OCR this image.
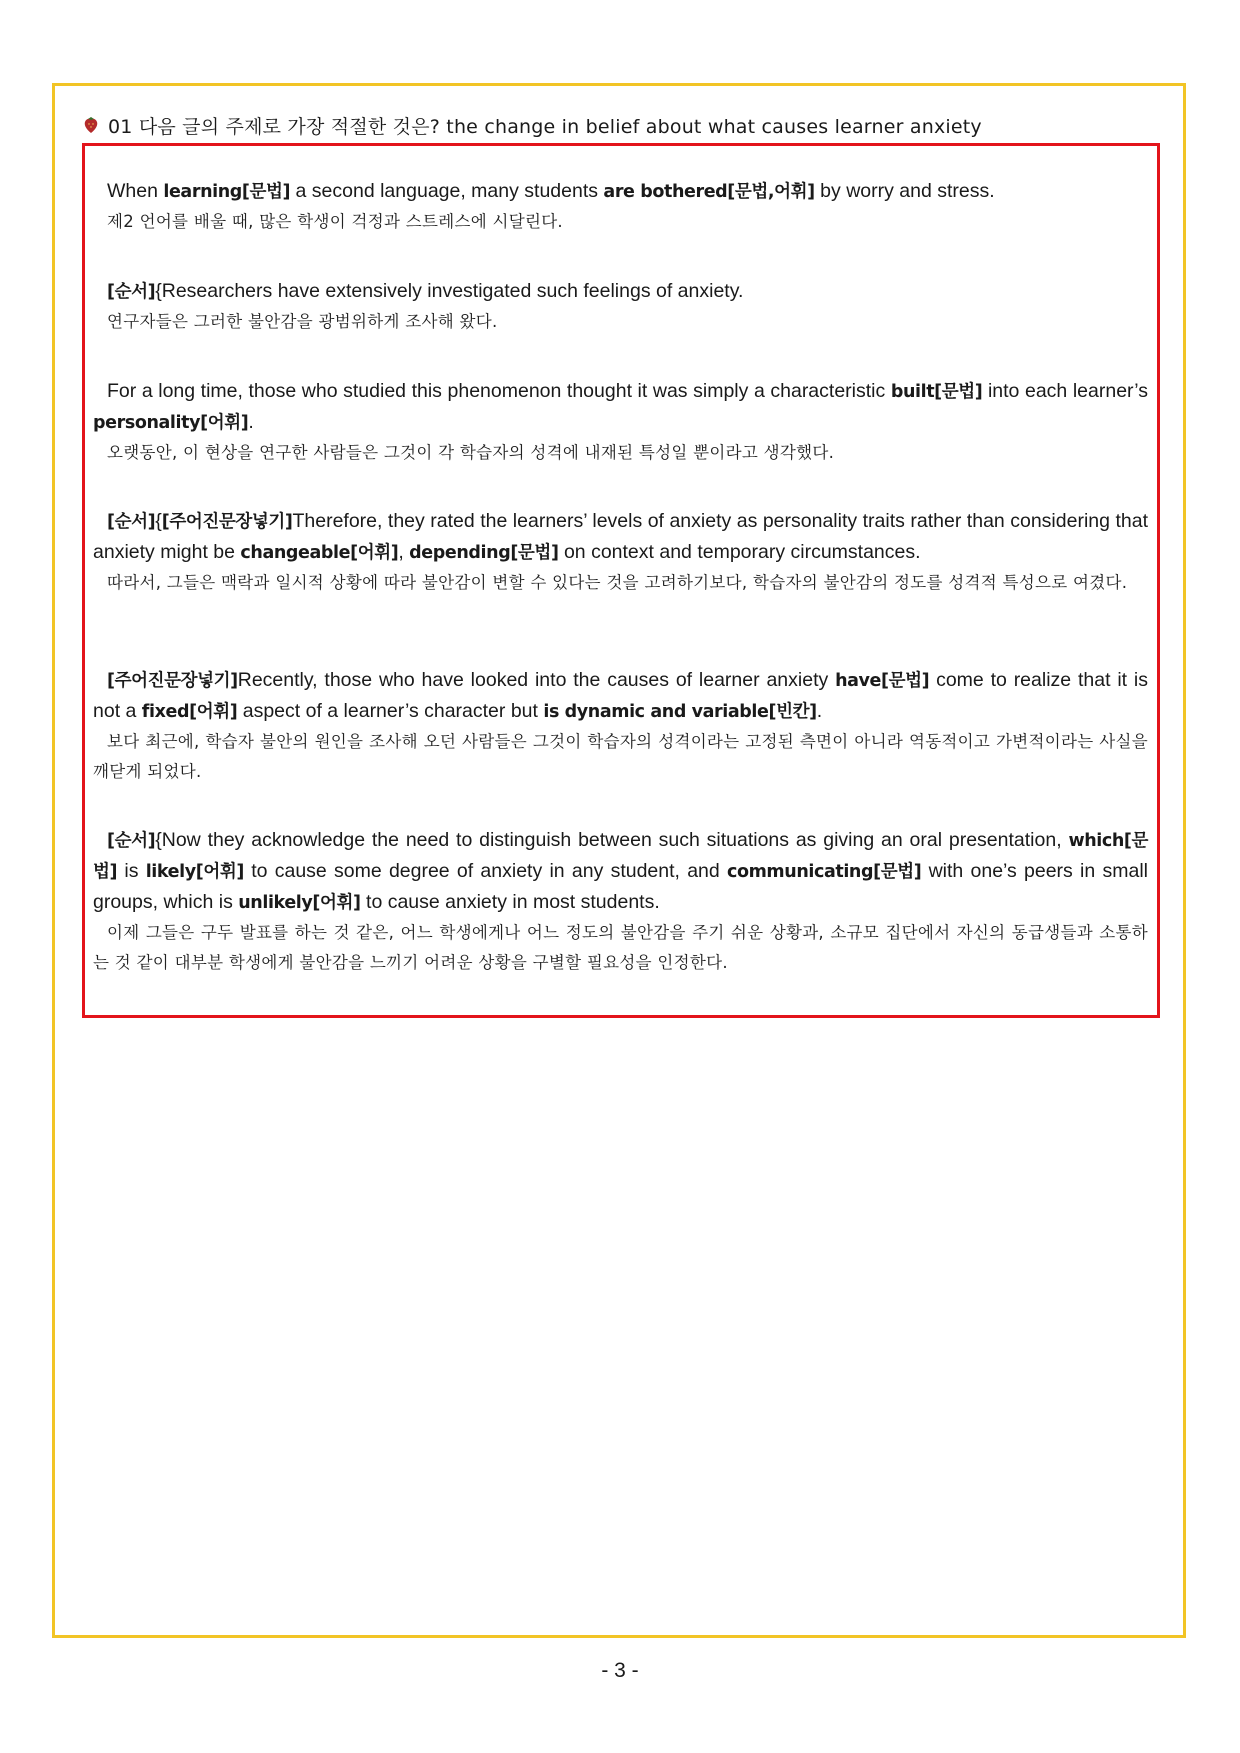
01 다음 글의 주제로 가장 적절한 것은? the change in belief about what causes learner anxiety

When learning[문법] a second language, many students are bothered[문법,어휘] by worry and stress.

제2 언어를 배울 때, 많은 학생이 걱정과 스트레스에 시달린다.

[순서]{Researchers have extensively investigated such feelings of anxiety.

연구자들은 그러한 불안감을 광범위하게 조사해 왔다.

For a long time, those who studied this phenomenon thought it was simply a characteristic built[문법] into each learner’s personality[어휘].

오랫동안, 이 현상을 연구한 사람들은 그것이 각 학습자의 성격에 내재된 특성일 뿐이라고 생각했다.

[순서]{[주어진문장넣기]Therefore, they rated the learners’ levels of anxiety as personality traits rather than considering that anxiety might be changeable[어휘], depending[문법] on context and temporary circumstances.

따라서, 그들은 맥락과 일시적 상황에 따라 불안감이 변할 수 있다는 것을 고려하기보다, 학습자의 불안감의 정도를 성격적 특성으로 여겼다.

[주어진문장넣기]Recently, those who have looked into the causes of learner anxiety have[문법] come to realize that it is not a fixed[어휘] aspect of a learner’s character but is dynamic and variable[빈칸].

보다 최근에, 학습자 불안의 원인을 조사해 오던 사람들은 그것이 학습자의 성격이라는 고정된 측면이 아니라 역동적이고 가변적이라는 사실을 깨닫게 되었다.

[순서]{Now they acknowledge the need to distinguish between such situations as giving an oral presentation, which[문법] is likely[어휘] to cause some degree of anxiety in any student, and communicating[문법] with one’s peers in small groups, which is unlikely[어휘] to cause anxiety in most students.

이제 그들은 구두 발표를 하는 것 같은, 어느 학생에게나 어느 정도의 불안감을 주기 쉬운 상황과, 소규모 집단에서 자신의 동급생들과 소통하는 것 같이 대부분 학생에게 불안감을 느끼기 어려운 상황을 구별할 필요성을 인정한다.

- 3 -
